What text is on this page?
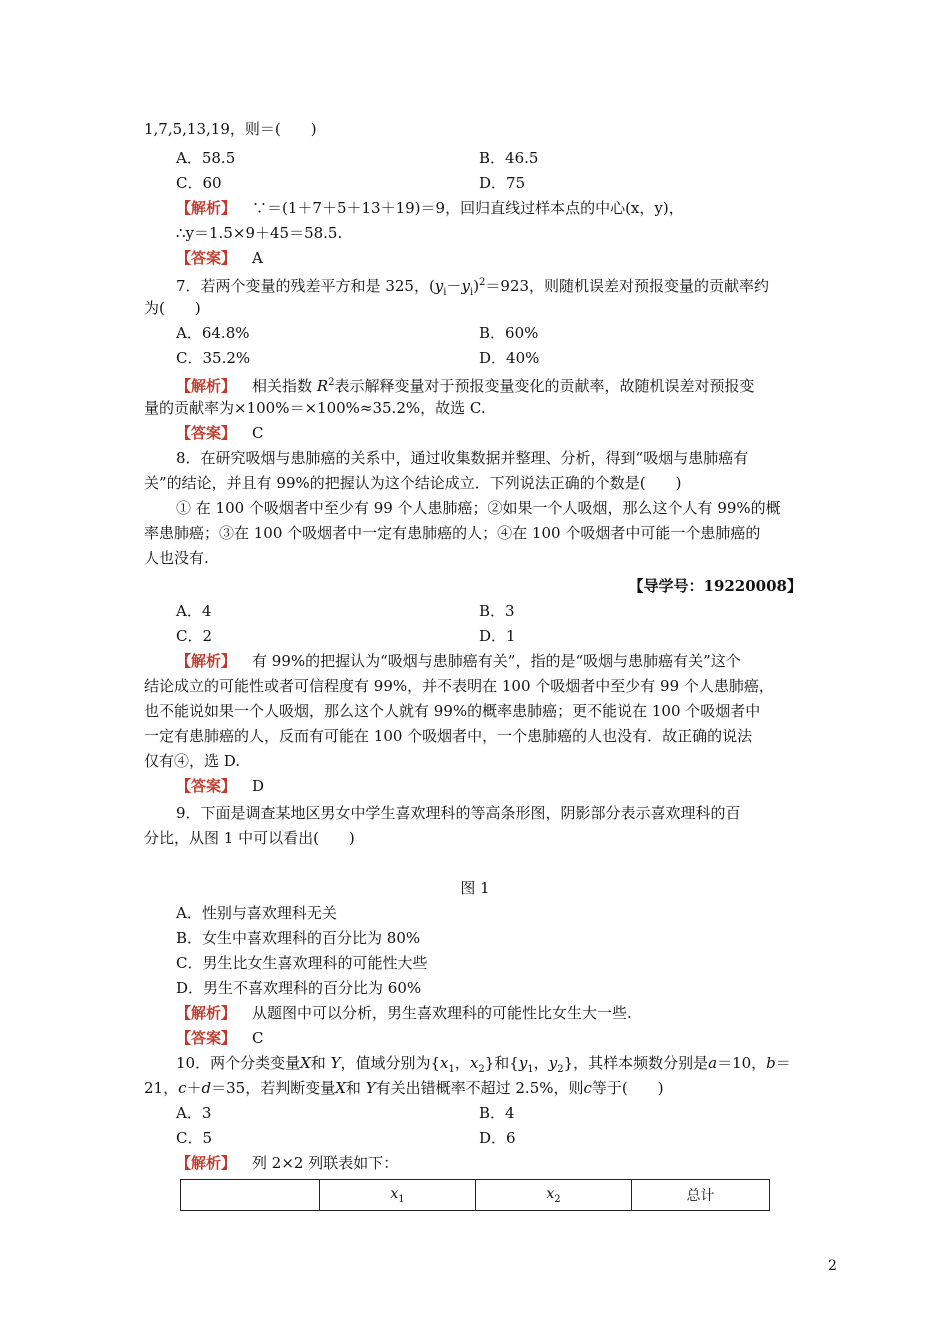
1,7,5,13,19，则＝(　　)
A．58.5	B．46.5
C．60	D．75
【解析】 ∵＝(1＋7＋5＋13＋19)＝9，回归直线过样本点的中心(x，y)，
∴y＝1.5×9＋45＝58.5.
【答案】 A
7．若两个变量的残差平方和是 325，$(y_i-y_i)^2=923$，则随机误差对预报变量的贡献率约
为(　　)
A．64.8%	B．60%
C．35.2%	D．40%
【解析】 相关指数 $R^2$表示解释变量对于预报变量变化的贡献率，故随机误差对预报变
量的贡献率为×100%＝×100%≈35.2%，故选 C.
【答案】 C
8．在研究吸烟与患肺癌的关系中，通过收集数据并整理、分析，得到“吸烟与患肺癌有
关”的结论，并且有 99%的把握认为这个结论成立．下列说法正确的个数是(　　)
① 在 100 个吸烟者中至少有 99 个人患肺癌；②如果一个人吸烟，那么这个人有 99%的概
率患肺癌；③在 100 个吸烟者中一定有患肺癌的人；④在 100 个吸烟者中可能一个患肺癌的
人也没有.
【导学号：19220008】
A．4	B．3
C．2	D．1
【解析】 有 99%的把握认为“吸烟与患肺癌有关”，指的是“吸烟与患肺癌有关”这个
结论成立的可能性或者可信程度有 99%，并不表明在 100 个吸烟者中至少有 99 个人患肺癌，
也不能说如果一个人吸烟，那么这个人就有 99%的概率患肺癌；更不能说在 100 个吸烟者中
一定有患肺癌的人，反而有可能在 100 个吸烟者中，一个患肺癌的人也没有．故正确的说法
仅有④，选 D.
【答案】 D
9．下面是调查某地区男女中学生喜欢理科的等高条形图，阴影部分表示喜欢理科的百
分比，从图 1 中可以看出(　　)
图 1
A．性别与喜欢理科无关
B．女生中喜欢理科的百分比为 80%
C．男生比女生喜欢理科的可能性大些
D．男生不喜欢理科的百分比为 60%
【解析】 从题图中可以分析，男生喜欢理科的可能性比女生大一些.
【答案】 C
10．两个分类变量X和 Y，值域分别为{$x_1$，$x_2$}和{$y_1$，$y_2$}，其样本频数分别是a＝10，b＝
21，c＋d＝35，若判断变量X和 Y有关出错概率不超过 2.5%，则c等于(　　)
A．3	B．4
C．5	D．6
【解析】 列 2×2 列联表如下：
	$x_1$	$x_2$	总计
2
